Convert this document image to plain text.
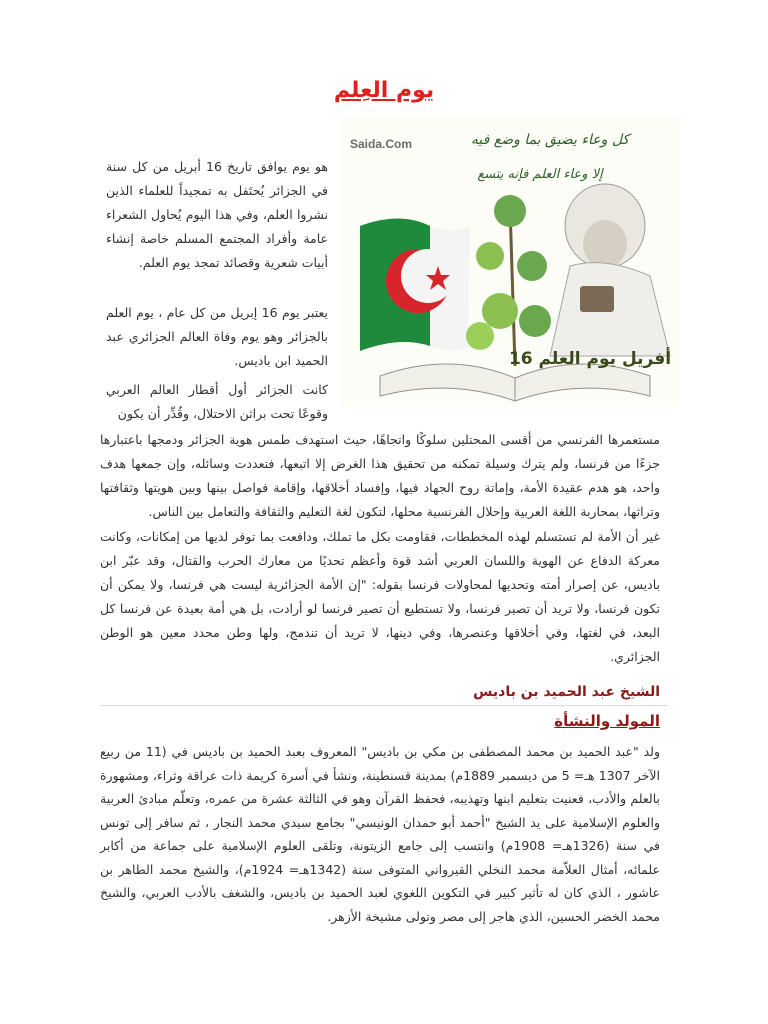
يوم العِلم
Saida.Com	كل وعاء يضيق بما وضع فيه
إلا وعاء العلم فإنه يتسع
16 أفريل يوم العلم

هو يوم يوافق تاريخ 16 أبريل من كل سنة في الجزائر يُحتَفل به تمجيداً للعلماء الذين نشروا العلم، وفي هذا اليوم يُحاول الشعراء عامة وأفراد المجتمع المسلم خاصة إنشاء أبيات شعرية وقصائد تمجد يوم العلم.

يعتبر يوم 16 إبريل من كل عام ، يوم العلم بالجزائر وهو يوم وفاة العالم الجزائري عبد الحميد ابن باديس.

كانت الجزائر أول أقطار العالم العربي وقوعًا تحت براثن الاحتلال، وقُدِّر أن يكون

مستعمرها الفرنسي من أقسى المحتلين سلوكًا واتجاهًا، حيث استهدف طمس هوية الجزائر ودمجها باعتبارها جزءًا من فرنسا، ولم يترك وسيلة تمكنه من تحقيق هذا الغرض إلا اتبعها، فتعددت وسائله، وإن جمعها هدف واحد، هو هدم عقيدة الأمة، وإماتة روح الجهاد فيها، وإفساد أخلاقها، وإقامة فواصل بينها وبين هويتها وثقافتها وتراثها، بمحاربة اللغة العربية وإحلال الفرنسية محلها، لتكون لغة التعليم والثقافة والتعامل بين الناس.

غير أن الأمة لم تستسلم لهذه المخططات، فقاومت بكل ما تملك، ودافعت بما توفر لديها من إمكانات، وكانت معركة الدفاع عن الهوية واللسان العربي أشد قوة وأعظم تحديًا من معارك الحرب والقتال، وقد عبّر ابن باديس، عن إصرار أمته وتحديها لمحاولات فرنسا بقوله: "إن الأمة الجزائرية ليست هي فرنسا، ولا يمكن أن تكون فرنسا، ولا تريد أن تصير فرنسا، ولا تستطيع أن تصير فرنسا لو أرادت، بل هي أمة بعيدة عن فرنسا كل البعد، في لغتها، وفي أخلاقها وعنصرها، وفي دينها، لا تريد أن تندمج، ولها وطن محدد معين هو الوطن الجزائري.

الشيخ عبد الحميد بن باديس
المولد والنشأة

ولد "عبد الحميد بن محمد المصطفى بن مكي بن باديس" المعروف بعبد الحميد بن باديس في (11 من ربيع الآخر 1307 هـ= 5 من ديسمبر 1889م) بمدينة قسنطينة، ونشأ في أسرة كريمة ذات عراقة وثراء، ومشهورة بالعلم والأدب، فعنيت بتعليم ابنها وتهذيبه، فحفظ القرآن وهو في الثالثة عشرة من عمره، وتعلّم مبادئ العربية والعلوم الإسلامية على يد الشيخ "أحمد أبو حمدان الونيسي" بجامع سيدي محمد النجار ، ثم سافر إلى تونس في سنة (1326هـ= 1908م) وانتسب إلى جامع الزيتونة، وتلقى العلوم الإسلامية على جماعة من أكابر علمائه، أمثال العلاّمة محمد النخلي القيرواني المتوفى سنة (1342هـ= 1924م)، والشيخ محمد الطاهر بن عاشور ، الذي كان له تأثير كبير في التكوين اللغوي لعبد الحميد بن باديس، والشغف بالأدب العربي، والشيخ محمد الخضر الحسين، الذي هاجر إلى مصر وتولى مشيخة الأزهر.
